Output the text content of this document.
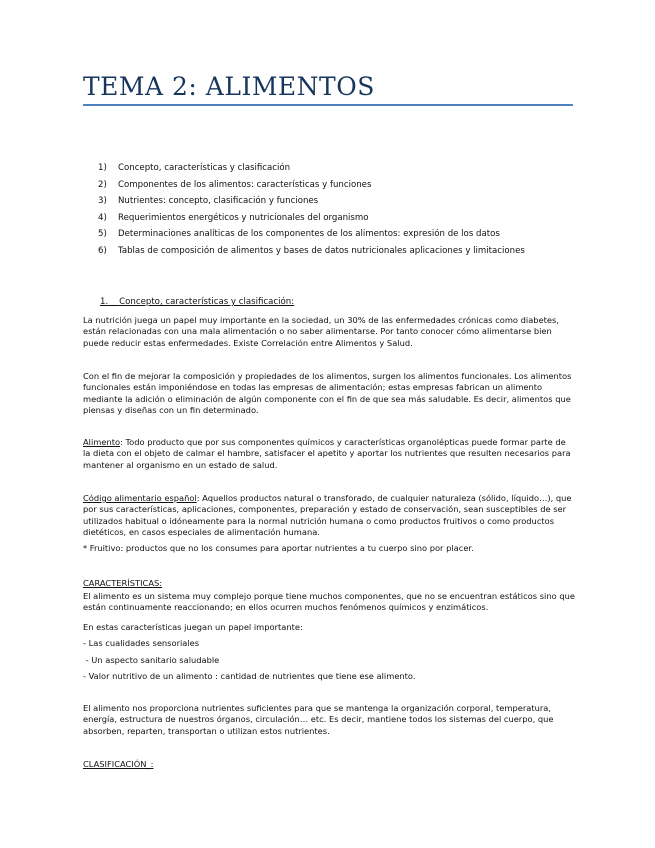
TEMA 2: ALIMENTOS
1) Concepto, características y clasificación
2) Componentes de los alimentos: características y funciones
3) Nutrientes: concepto, clasificación y funciones
4) Requerimientos energéticos y nutricionales del organismo
5) Determinaciones analíticas de los componentes de los alimentos: expresión de los datos
6) Tablas de composición de alimentos y bases de datos nutricionales aplicaciones y limitaciones
1. Concepto, características y clasificación:

La nutrición juega un papel muy importante en la sociedad, un 30% de las enfermedades crónicas como diabetes, están relacionadas con una mala alimentación o no saber alimentarse. Por tanto conocer cómo alimentarse bien puede reducir estas enfermedades. Existe Correlación entre Alimentos y Salud.

Con el fin de mejorar la composición y propiedades de los alimentos, surgen los alimentos funcionales. Los alimentos funcionales están imponiéndose en todas las empresas de alimentación; estas empresas fabrican un alimento mediante la adición o eliminación de algún componente con el fin de que sea más saludable. Es decir, alimentos que piensas y diseñas con un fin determinado.

Alimento: Todo producto que por sus componentes químicos y características organolépticas puede formar parte de la dieta con el objeto de calmar el hambre, satisfacer el apetito y aportar los nutrientes que resulten necesarios para mantener al organismo en un estado de salud.

Código alimentario español: Aquellos productos natural o transforado, de cualquier naturaleza (sólido, líquido…), que por sus características, aplicaciones, componentes, preparación y estado de conservación, sean susceptibles de ser utilizados habitual o idóneamente para la normal nutrición humana o como productos fruitivos o como productos dietéticos, en casos especiales de alimentación humana.

* Fruitivo: productos que no los consumes para aportar nutrientes a tu cuerpo sino por placer.
CARACTERÍSTICAS:

El alimento es un sistema muy complejo porque tiene muchos componentes, que no se encuentran estáticos sino que están continuamente reaccionando; en ellos ocurren muchos fenómenos químicos y enzimáticos.

En estas características juegan un papel importante:
- Las cualidades sensoriales
- Un aspecto sanitario saludable
- Valor nutritivo de un alimento : cantidad de nutrientes que tiene ese alimento.

El alimento nos proporciona nutrientes suficientes para que se mantenga la organización corporal, temperatura, energía, estructura de nuestros órganos, circulación… etc. Es decir, mantiene todos los sistemas del cuerpo, que absorben, reparten, transportan o utilizan estos nutrientes.

CLASIFICACIÓN_:
